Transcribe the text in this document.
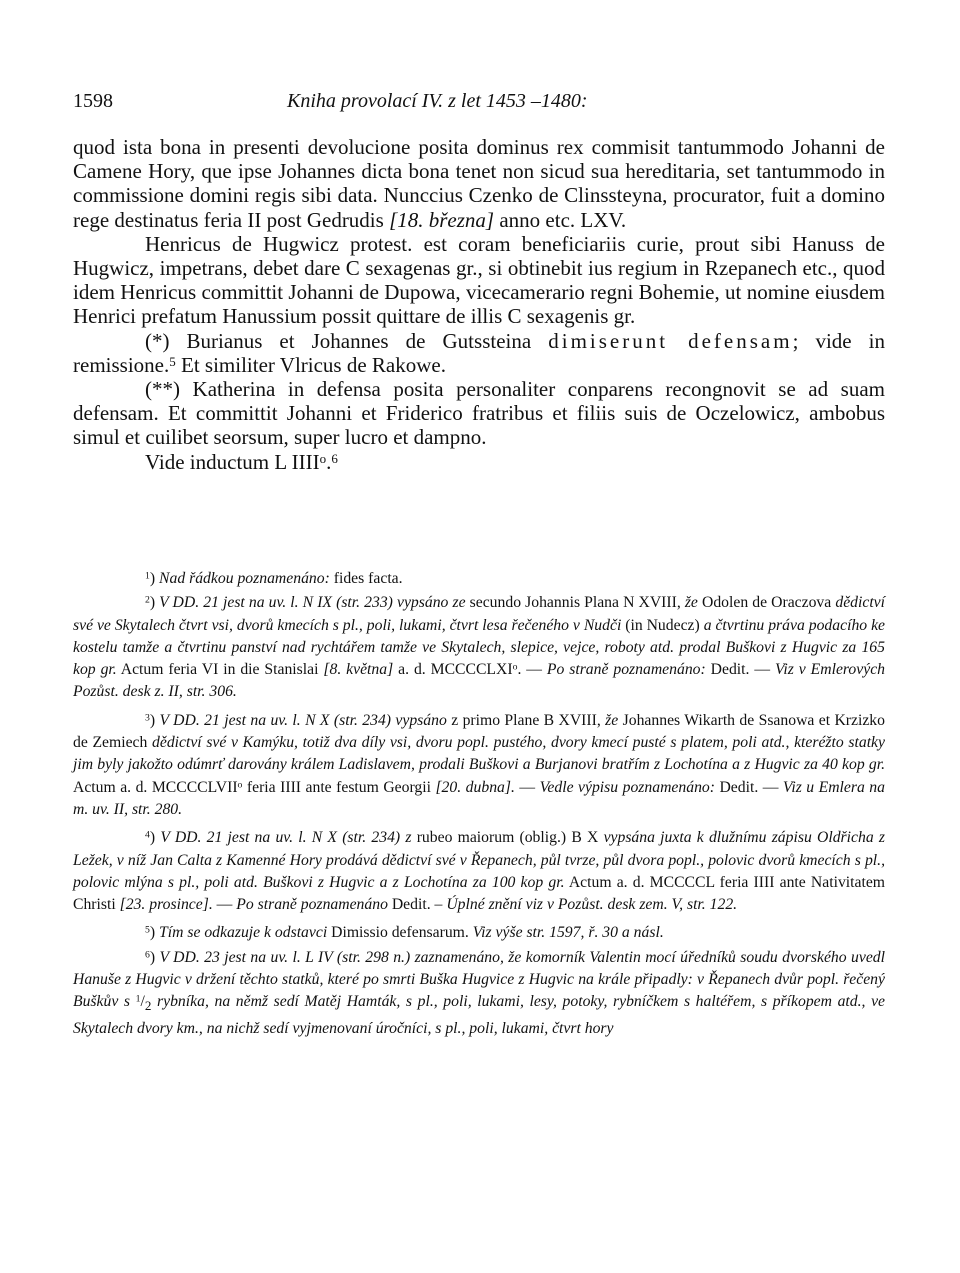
1598	Kniha provolací IV. z let 1453 –1480:

quod ista bona in presenti devolucione posita dominus rex commisit tantummodo Johanni de Camene Hory, que ipse Johannes dicta bona tenet non sicud sua hereditaria, set tantummodo in commissione domini regis sibi data. Nunccius Czenko de Clinssteyna, procurator, fuit a domino rege destinatus feria II post Gedrudis [18. března] anno etc. LXV.

Henricus de Hugwicz protest. est coram beneficiariis curie, prout sibi Hanuss de Hugwicz, impetrans, debet dare C sexagenas gr., si obtinebit ius regium in Rzepanech etc., quod idem Henricus committit Johanni de Dupowa, vicecamerario regni Bohemie, ut nomine eiusdem Henrici prefatum Hanussium possit quittare de illis C sexagenis gr.

(*) Burianus et Johannes de Gutssteina dimiserunt defensam; vide in remissione.$^5$ Et similiter Vlricus de Rakowe.

(**) Katherina in defensa posita personaliter conparens recongnovit se ad suam defensam. Et committit Johanni et Friderico fratribus et filiis suis de Oczelowicz, ambobus simul et cuilibet seorsum, super lucro et dampno.

Vide inductum L IIII$^o$.$^6$

$^1$) Nad řádkou poznamenáno: fides facta.

$^2$) V DD. 21 jest na uv. l. N IX (str. 233) vypsáno ze secundo Johannis Plana N XVIII, že Odolen de Oraczova dědictví své ve Skytalech čtvrt vsi, dvorů kmecích s pl., poli, lukami, čtvrt lesa řečeného v Nudči (in Nudecz) a čtvrtinu práva podacího ke kostelu tamže a čtvrtinu panství nad rychtářem tamže ve Skytalech, slepice, vejce, roboty atd. prodal Buškovi z Hugvic za 165 kop gr. Actum feria VI in die Stanislai [8. května] a. d. MCCCCLXI$^o$. — Po straně poznamenáno: Dedit. — Viz v Emlerových Pozůst. desk z. II, str. 306.

$^3$) V DD. 21 jest na uv. l. N X (str. 234) vypsáno z primo Plane B XVIII, že Johannes Wikarth de Ssanowa et Krzizko de Zemiech dědictví své v Kamýku, totiž dva díly vsi, dvoru popl. pustého, dvory kmecí pusté s platem, poli atd., kteréžto statky jim byly jakožto odúmrť darovány králem Ladislavem, prodali Buškovi a Burjanovi bratřím z Lochotína a z Hugvic za 40 kop gr. Actum a. d. MCCCCLVII$^o$ feria IIII ante festum Georgii [20. dubna]. — Vedle výpisu poznamenáno: Dedit. — Viz u Emlera na m. uv. II, str. 280.

$^4$) V DD. 21 jest na uv. l. N X (str. 234) z rubeo maiorum (oblig.) B X vypsána juxta k dlužnímu zápisu Oldřicha z Ležek, v níž Jan Calta z Kamenné Hory prodává dědictví své v Řepanech, půl tvrze, půl dvora popl., polovic dvorů kmecích s pl., polovic mlýna s pl., poli atd. Buškovi z Hugvic a z Lochotína za 100 kop gr. Actum a. d. MCCCCL feria IIII ante Nativitatem Christi [23. prosince]. — Po straně poznamenáno Dedit. – Úplné znění viz v Pozůst. desk zem. V, str. 122.

$^5$) Tím se odkazuje k odstavci Dimissio defensarum. Viz výše str. 1597, ř. 30 a násl.

$^6$) V DD. 23 jest na uv. l. L IV (str. 298 n.) zaznamenáno, že komorník Valentin mocí úředníků soudu dvorského uvedl Hanuše z Hugvic v držení těchto statků, které po smrti Buška Hugvice z Hugvic na krále připadly: v Řepanech dvůr popl. řečený Buškův s $^1/_2$ rybníka, na němž sedí Matěj Hamták, s pl., poli, lukami, lesy, potoky, rybníčkem s haltéřem, s příkopem atd., ve Skytalech dvory km., na nichž sedí vyjmenovaní úročníci, s pl., poli, lukami, čtvrt hory
